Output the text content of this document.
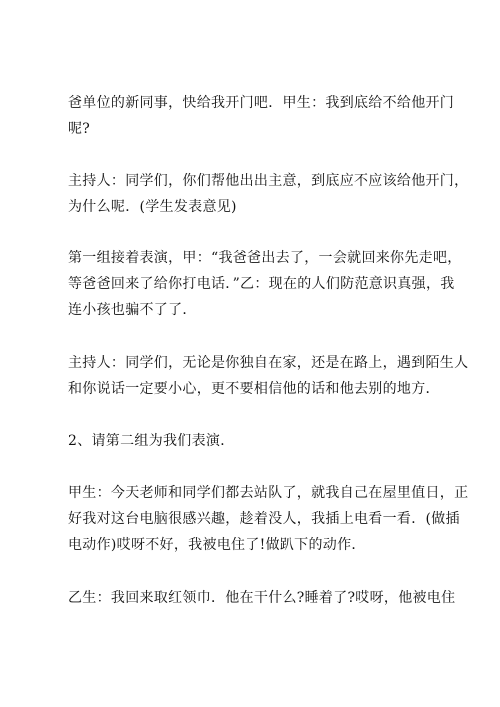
爸单位的新同事，快给我开门吧．甲生：我到底给不给他开门
呢?
主持人：同学们，你们帮他出出主意，到底应不应该给他开门，
为什么呢．(学生发表意见)
第一组接着表演，甲：“我爸爸出去了，一会就回来你先走吧，
等爸爸回来了给你打电话．”乙：现在的人们防范意识真强，我
连小孩也骗不了了．
主持人：同学们，无论是你独自在家，还是在路上，遇到陌生人
和你说话一定要小心，更不要相信他的话和他去别的地方．
2、请第二组为我们表演．
甲生：今天老师和同学们都去站队了，就我自己在屋里值日，正
好我对这台电脑很感兴趣，趁着没人，我插上电看一看．(做插
电动作)哎呀不好，我被电住了!做趴下的动作．
乙生：我回来取红领巾．他在干什么?睡着了?哎呀，他被电住
